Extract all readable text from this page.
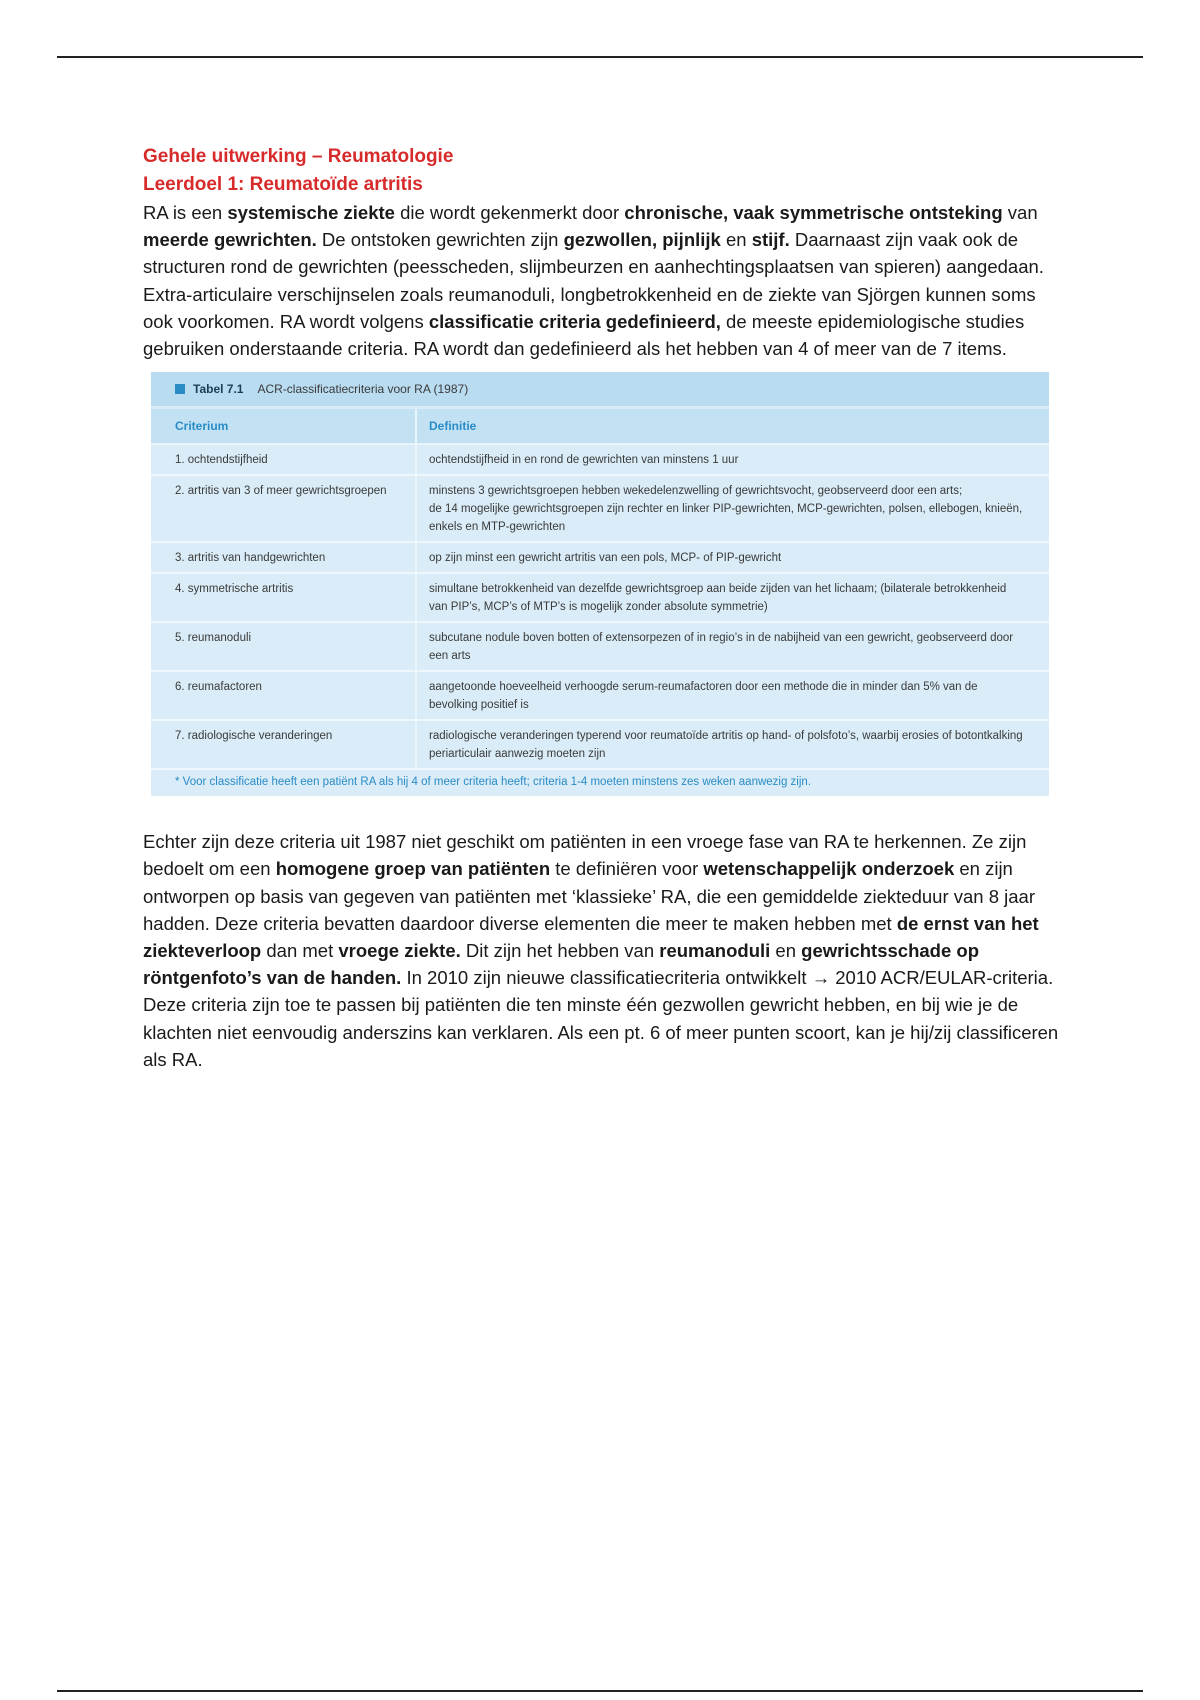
Gehele uitwerking – Reumatologie
Leerdoel 1: Reumatoïde artritis

RA is een systemische ziekte die wordt gekenmerkt door chronische, vaak symmetrische ontsteking van meerde gewrichten. De ontstoken gewrichten zijn gezwollen, pijnlijk en stijf. Daarnaast zijn vaak ook de structuren rond de gewrichten (peesscheden, slijmbeurzen en aanhechtingsplaatsen van spieren) aangedaan. Extra-articulaire verschijnselen zoals reumanoduli, longbetrokkenheid en de ziekte van Sjörgen kunnen soms ook voorkomen. RA wordt volgens classificatie criteria gedefinieerd, de meeste epidemiologische studies gebruiken onderstaande criteria. RA wordt dan gedefinieerd als het hebben van 4 of meer van de 7 items.

Tabel 7.1 ACR-classificatiecriteria voor RA (1987)
Criterium	Definitie
1. ochtendstijfheid	ochtendstijfheid in en rond de gewrichten van minstens 1 uur
2. artritis van 3 of meer gewrichtsgroepen	minstens 3 gewrichtsgroepen hebben wekedelenzwelling of gewrichtsvocht, geobserveerd door een arts;
de 14 mogelijke gewrichtsgroepen zijn rechter en linker PIP-gewrichten, MCP-gewrichten, polsen, ellebogen, knieën, enkels en MTP-gewrichten
3. artritis van handgewrichten	op zijn minst een gewricht artritis van een pols, MCP- of PIP-gewricht
4. symmetrische artritis	simultane betrokkenheid van dezelfde gewrichtsgroep aan beide zijden van het lichaam; (bilaterale betrokkenheid van PIP’s, MCP’s of MTP’s is mogelijk zonder absolute symmetrie)
5. reumanoduli	subcutane nodule boven botten of extensorpezen of in regio’s in de nabijheid van een gewricht, geobserveerd door een arts
6. reumafactoren	aangetoonde hoeveelheid verhoogde serum-reumafactoren door een methode die in minder dan 5% van de bevolking positief is
7. radiologische veranderingen	radiologische veranderingen typerend voor reumatoïde artritis op hand- of polsfoto’s, waarbij erosies of botontkalking periarticulair aanwezig moeten zijn
* Voor classificatie heeft een patiënt RA als hij 4 of meer criteria heeft; criteria 1-4 moeten minstens zes weken aanwezig zijn.

Echter zijn deze criteria uit 1987 niet geschikt om patiënten in een vroege fase van RA te herkennen. Ze zijn bedoelt om een homogene groep van patiënten te definiëren voor wetenschappelijk onderzoek en zijn ontworpen op basis van gegeven van patiënten met ‘klassieke’ RA, die een gemiddelde ziekteduur van 8 jaar hadden. Deze criteria bevatten daardoor diverse elementen die meer te maken hebben met de ernst van het ziekteverloop dan met vroege ziekte. Dit zijn het hebben van reumanoduli en gewrichtsschade op röntgenfoto’s van de handen. In 2010 zijn nieuwe classificatiecriteria ontwikkelt → 2010 ACR/EULAR-criteria. Deze criteria zijn toe te passen bij patiënten die ten minste één gezwollen gewricht hebben, en bij wie je de klachten niet eenvoudig anderszins kan verklaren. Als een pt. 6 of meer punten scoort, kan je hij/zij classificeren als RA.
